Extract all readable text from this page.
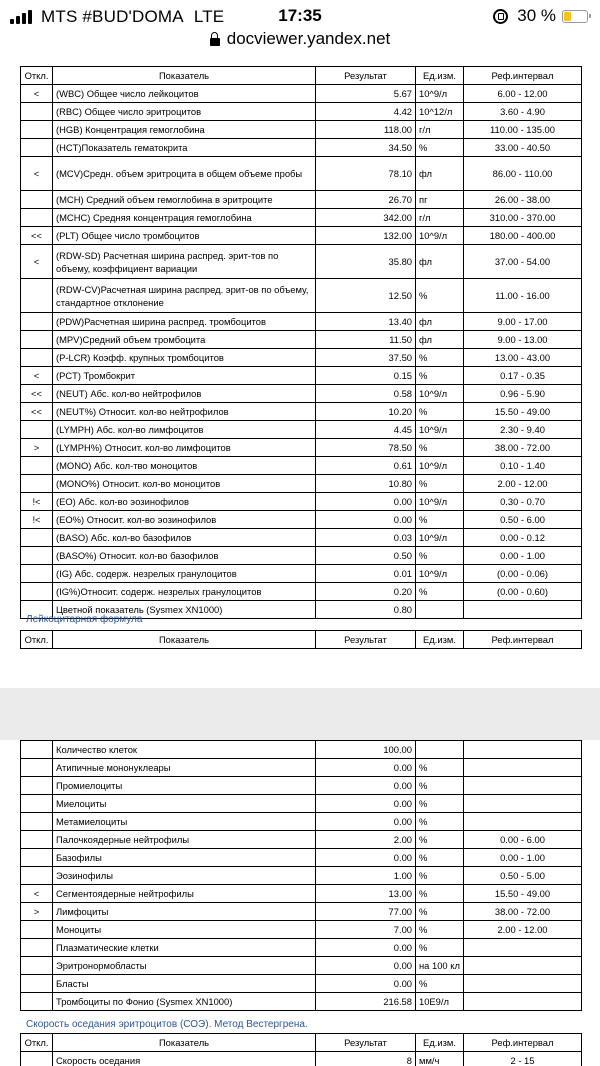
MTS #BUD'DOMA LTE	17:35	30 %
docviewer.yandex.net
Откл.	Показатель	Результат	Ед.изм.	Реф.интервал
<	(WBC) Общее число лейкоцитов	5.67	10^9/л	6.00 - 12.00
	(RBC) Общее число эритроцитов	4.42	10^12/л	3.60 - 4.90
	(HGB) Концентрация гемоглобина	118.00	г/л	110.00 - 135.00
	(HCT)Показатель гематокрита	34.50	%	33.00 - 40.50
<	(MCV)Средн. объем эритроцита в общем объеме пробы	78.10	фл	86.00 - 110.00
	(MCH) Средний объем гемоглобина в эритроците	26.70	пг	26.00 - 38.00
	(MCHC) Средняя концентрация гемоглобина	342.00	г/л	310.00 - 370.00
<<	(PLT) Общее число тромбоцитов	132.00	10^9/л	180.00 - 400.00
<	(RDW-SD) Расчетная ширина распред. эрит-тов по объему, коэффициент вариации	35.80	фл	37.00 - 54.00
	(RDW-CV)Расчетная ширина распред. эрит-ов по объему, стандартное отклонение	12.50	%	11.00 - 16.00
	(PDW)Расчетная ширина распред. тромбоцитов	13.40	фл	9.00 - 17.00
	(MPV)Средний объем тромбоцита	11.50	фл	9.00 - 13.00
	(P-LCR) Коэфф. крупных тромбоцитов	37.50	%	13.00 - 43.00
<	(PCT) Тромбокрит	0.15	%	0.17 - 0.35
<<	(NEUT) Абс. кол-во нейтрофилов	0.58	10^9/л	0.96 - 5.90
<<	(NEUT%) Относит. кол-во нейтрофилов	10.20	%	15.50 - 49.00
	(LYMPH) Абс. кол-во лимфоцитов	4.45	10^9/л	2.30 - 9.40
>	(LYMPH%) Относит. кол-во лимфоцитов	78.50	%	38.00 - 72.00
	(MONO) Абс. кол-тво моноцитов	0.61	10^9/л	0.10 - 1.40
	(MONO%) Относит. кол-во моноцитов	10.80	%	2.00 - 12.00
!<	(EO) Абс. кол-во эозинофилов	0.00	10^9/л	0.30 - 0.70
!<	(EO%) Относит. кол-во эозинофилов	0.00	%	0.50 - 6.00
	(BASO) Абс. кол-во базофилов	0.03	10^9/л	0.00 - 0.12
	(BASO%) Относит. кол-во базофилов	0.50	%	0.00 - 1.00
	(IG) Абс. содерж. незрелых гранулоцитов	0.01	10^9/л	(0.00 - 0.06)
	(IG%)Относит. содерж. незрелых гранулоцитов	0.20	%	(0.00 - 0.60)
	Цветной показатель (Sysmex XN1000)	0.80		
Лейкоцитарная формула
Откл.	Показатель	Результат	Ед.изм.	Реф.интервал
	Количество клеток	100.00		
	Атипичные мононуклеары	0.00	%	
	Промиелоциты	0.00	%	
	Миелоциты	0.00	%	
	Метамиелоциты	0.00	%	
	Палочкоядерные нейтрофилы	2.00	%	0.00 - 6.00
	Базофилы	0.00	%	0.00 - 1.00
	Эозинофилы	1.00	%	0.50 - 5.00
<	Сегментоядерные нейтрофилы	13.00	%	15.50 - 49.00
>	Лимфоциты	77.00	%	38.00 - 72.00
	Моноциты	7.00	%	2.00 - 12.00
	Плазматические клетки	0.00	%	
	Эритронормобласты	0.00	на 100 кл	
	Бласты	0.00	%	
	Тромбоциты по Фонио (Sysmex XN1000)	216.58	10E9/л	
Скорость оседания эритроцитов (СОЭ). Метод Вестергрена.
Откл.	Показатель	Результат	Ед.изм.	Реф.интервал
	Скорость оседания	8	мм/ч	2 - 15
